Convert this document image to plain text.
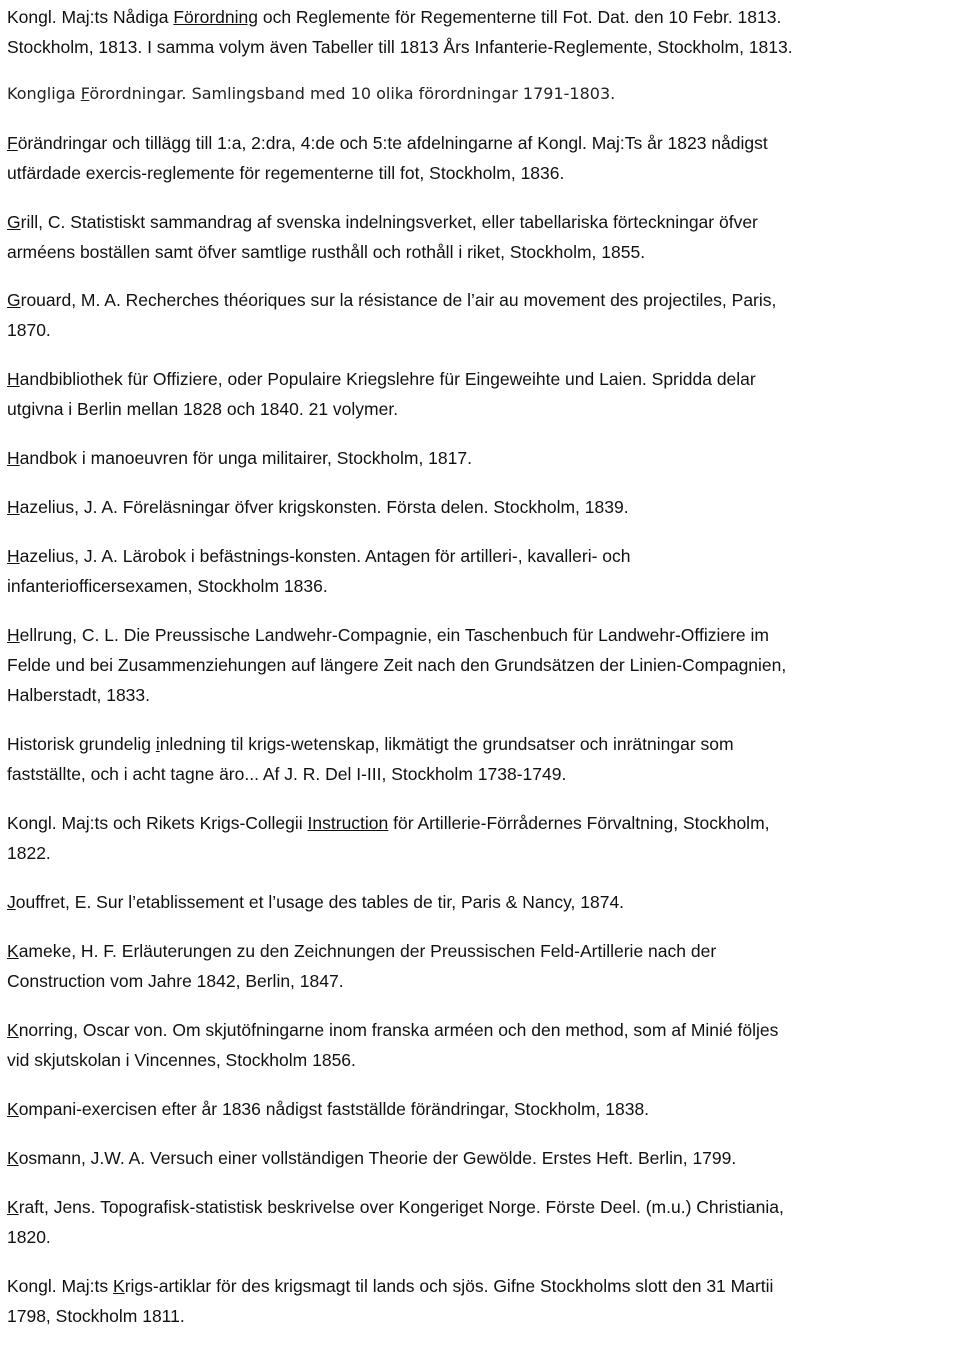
Kongl. Maj:ts Nådiga Förordning och Reglemente för Regementerne till Fot. Dat. den 10 Febr. 1813.
Stockholm, 1813. I samma volym även Tabeller till 1813 Års Infanterie-Reglemente, Stockholm, 1813.
Kongliga Förordningar. Samlingsband med 10 olika förordningar 1791-1803.
Förändringar och tillägg till 1:a, 2:dra, 4:de och 5:te afdelningarne af Kongl. Maj:Ts år 1823 nådigst
utfärdade exercis-reglemente för regementerne till fot, Stockholm, 1836.
Grill, C. Statistiskt sammandrag af svenska indelningsverket, eller tabellariska förteckningar öfver
arméens boställen samt öfver samtlige rusthåll och rothåll i riket, Stockholm, 1855.
Grouard, M. A. Recherches théoriques sur la résistance de l’air au movement des projectiles, Paris,
1870.
Handbibliothek für Offiziere, oder Populaire Kriegslehre für Eingeweihte und Laien. Spridda delar
utgivna i Berlin mellan 1828 och 1840. 21 volymer.
Handbok i manoeuvren för unga militairer, Stockholm, 1817.
Hazelius, J. A. Föreläsningar öfver krigskonsten. Första delen. Stockholm, 1839.
Hazelius, J. A. Lärobok i befästnings-konsten. Antagen för artilleri-, kavalleri- och
infanteriofficersexamen, Stockholm 1836.
Hellrung, C. L. Die Preussische Landwehr-Compagnie, ein Taschenbuch für Landwehr-Offiziere im
Felde und bei Zusammenziehungen auf längere Zeit nach den Grundsätzen der Linien-Compagnien,
Halberstadt, 1833.
Historisk grundelig inledning til krigs-wetenskap, likmätigt the grundsatser och inrätningar som
fastställte, och i acht tagne äro... Af J. R. Del I-III, Stockholm 1738-1749.
Kongl. Maj:ts och Rikets Krigs-Collegii Instruction för Artillerie-Förrådernes Förvaltning, Stockholm,
1822.
Jouffret, E. Sur l’etablissement et l’usage des tables de tir, Paris & Nancy, 1874.
Kameke, H. F. Erläuterungen zu den Zeichnungen der Preussischen Feld-Artillerie nach der
Construction vom Jahre 1842, Berlin, 1847.
Knorring, Oscar von. Om skjutöfningarne inom franska arméen och den method, som af Minié följes
vid skjutskolan i Vincennes, Stockholm 1856.
Kompani-exercisen efter år 1836 nådigst fastställde förändringar, Stockholm, 1838.
Kosmann, J.W. A. Versuch einer vollständigen Theorie der Gewölde. Erstes Heft. Berlin, 1799.
Kraft, Jens. Topografisk-statistisk beskrivelse over Kongeriget Norge. Förste Deel. (m.u.) Christiania,
1820.
Kongl. Maj:ts Krigs-artiklar för des krigsmagt til lands och sjös. Gifne Stockholms slott den 31 Martii
1798, Stockholm 1811.
